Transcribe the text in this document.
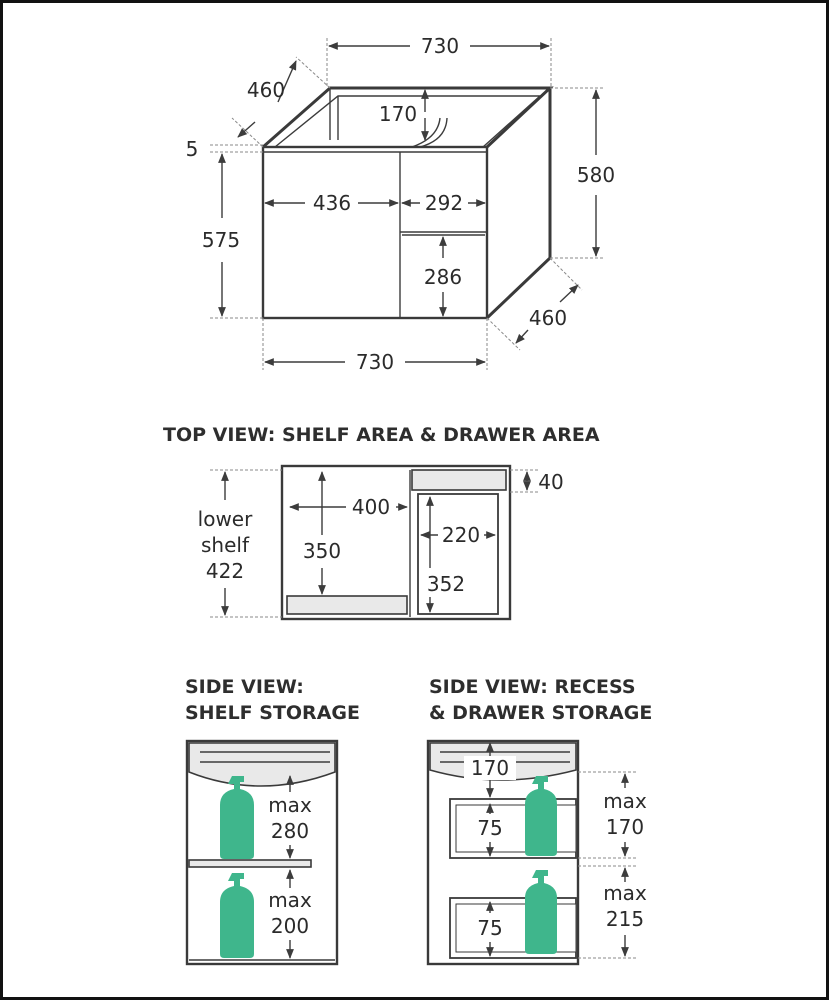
730
460
170
5
575
580
436	292
286
460
730
TOP VIEW: SHELF AREA & DRAWER AREA
lower
shelf
422
400
350
220
352
40
SIDE VIEW:
SHELF STORAGE
max
280
max
200
SIDE VIEW: RECESS
& DRAWER STORAGE
170
75
75
max
170
max
215
